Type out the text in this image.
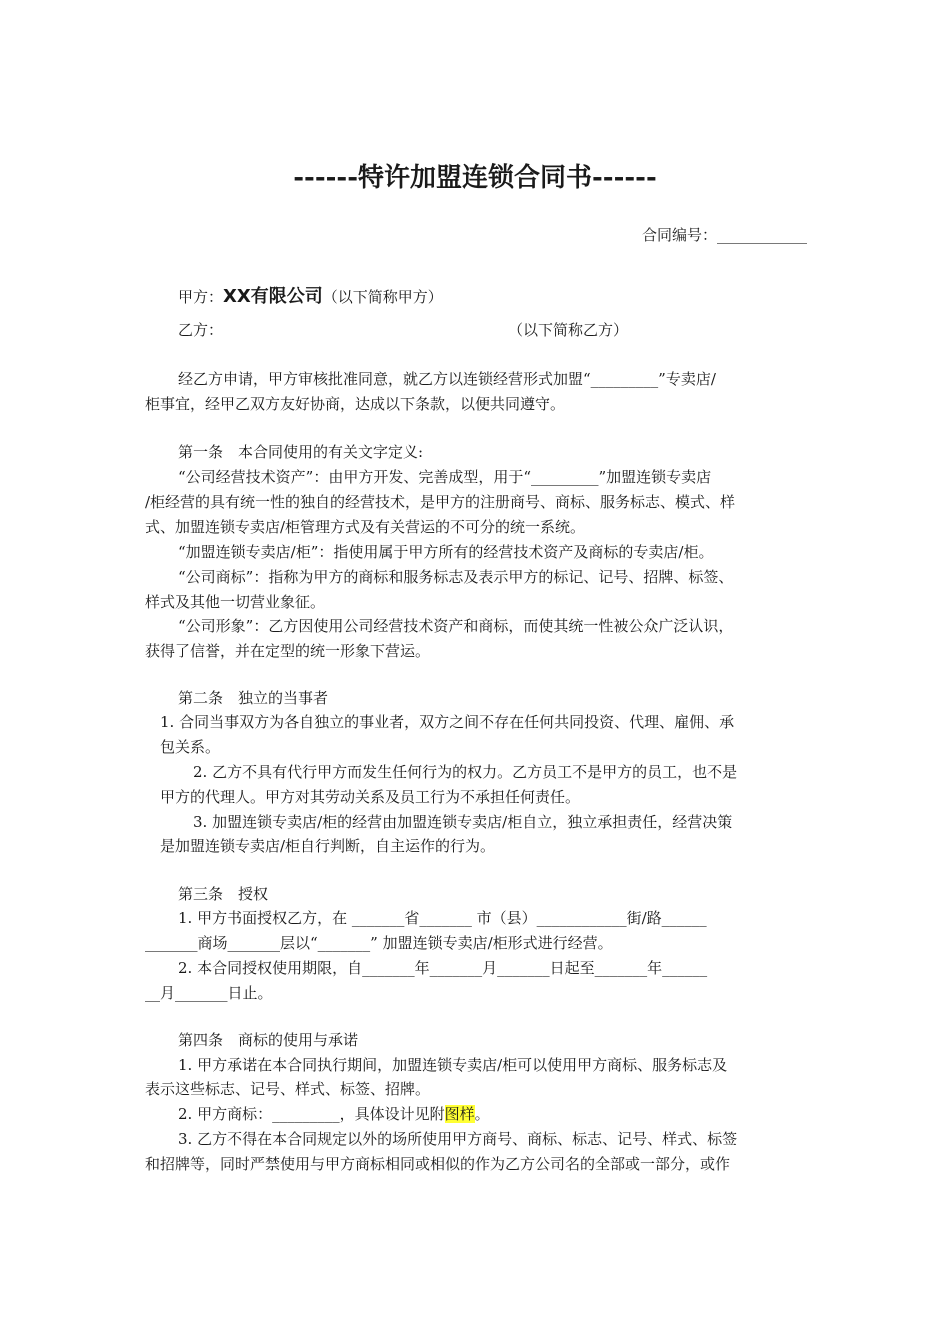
------特许加盟连锁合同书------
合同编号：____________
甲方：XX有限公司（以下简称甲方）
乙方：	（以下简称乙方）
经乙方申请，甲方审核批准同意，就乙方以连锁经营形式加盟“_________”专卖店/
柜事宜，经甲乙双方友好协商，达成以下条款，以便共同遵守。
第一条　本合同使用的有关文字定义:
“公司经营技术资产”：由甲方开发、完善成型，用于“_________”加盟连锁专卖店
/柜经营的具有统一性的独自的经营技术，是甲方的注册商号、商标、服务标志、模式、样
式、加盟连锁专卖店/柜管理方式及有关营运的不可分的统一系统。
“加盟连锁专卖店/柜”：指使用属于甲方所有的经营技术资产及商标的专卖店/柜。
“公司商标”：指称为甲方的商标和服务标志及表示甲方的标记、记号、招牌、标签、
样式及其他一切营业象征。
“公司形象”：乙方因使用公司经营技术资产和商标，而使其统一性被公众广泛认识，
获得了信誉，并在定型的统一形象下营运。
第二条　独立的当事者
1. 合同当事双方为各自独立的事业者，双方之间不存在任何共同投资、代理、雇佣、承
包关系。
2. 乙方不具有代行甲方而发生任何行为的权力。乙方员工不是甲方的员工，也不是
甲方的代理人。甲方对其劳动关系及员工行为不承担任何责任。
3. 加盟连锁专卖店/柜的经营由加盟连锁专卖店/柜自立，独立承担责任，经营决策
是加盟连锁专卖店/柜自行判断，自主运作的行为。
第三条　授权
1. 甲方书面授权乙方，在 _______省_______ 市（县）____________街/路______
_______商场_______层以“_______” 加盟连锁专卖店/柜形式进行经营。
2. 本合同授权使用期限，自_______年_______月_______日起至_______年______
__月_______日止。
第四条　商标的使用与承诺
1. 甲方承诺在本合同执行期间，加盟连锁专卖店/柜可以使用甲方商标、服务标志及
表示这些标志、记号、样式、标签、招牌。
2. 甲方商标：_________，具体设计见附图样。
3. 乙方不得在本合同规定以外的场所使用甲方商号、商标、标志、记号、样式、标签
和招牌等，同时严禁使用与甲方商标相同或相似的作为乙方公司名的全部或一部分，或作
